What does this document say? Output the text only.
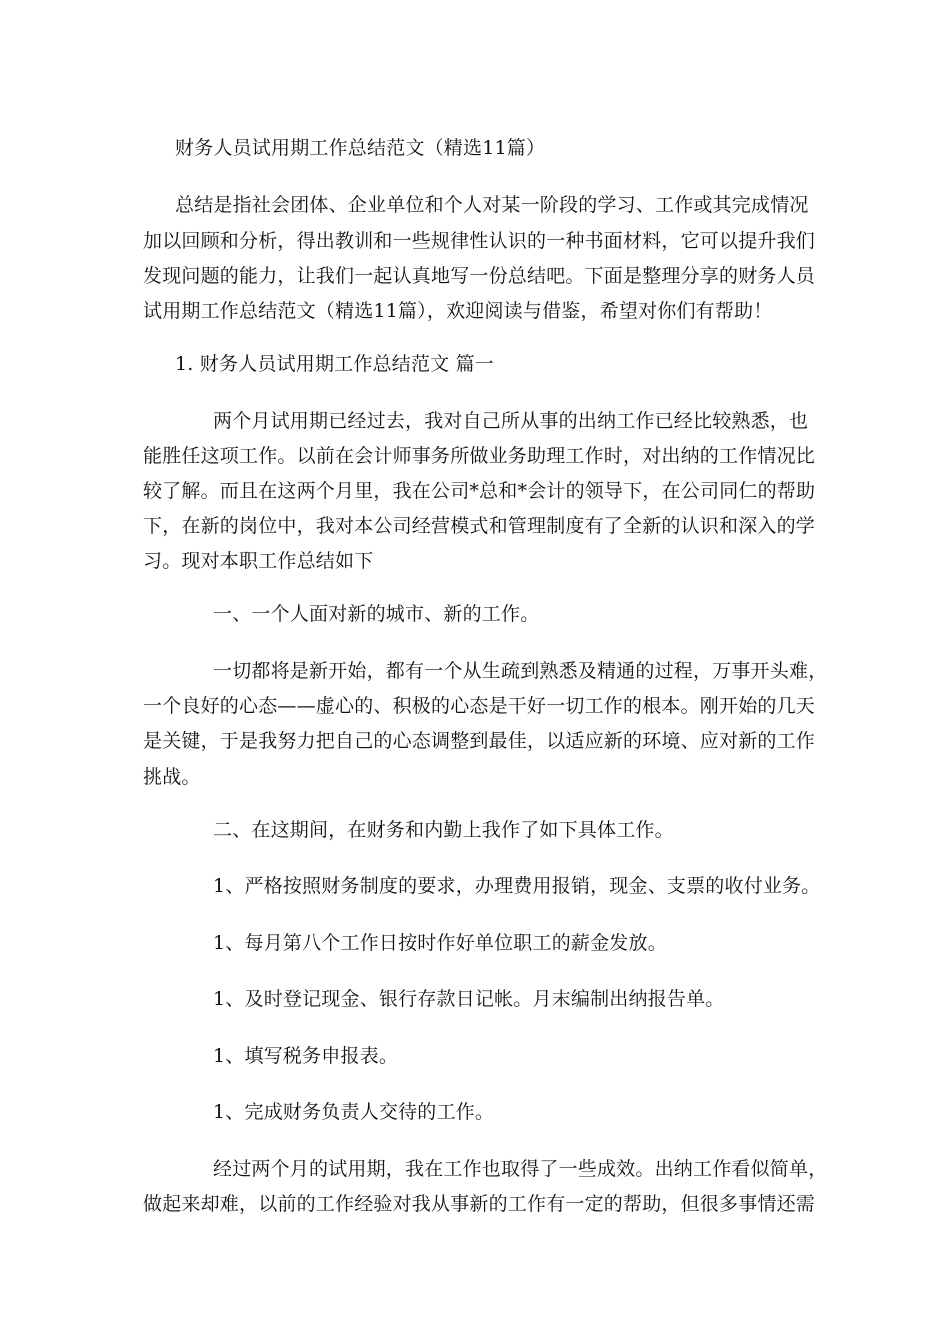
财务人员试用期工作总结范文（精选11篇）
总结是指社会团体、企业单位和个人对某一阶段的学习、工作或其完成情况
加以回顾和分析，得出教训和一些规律性认识的一种书面材料，它可以提升我们
发现问题的能力，让我们一起认真地写一份总结吧。下面是整理分享的财务人员
试用期工作总结范文（精选11篇），欢迎阅读与借鉴，希望对你们有帮助！
1. 财务人员试用期工作总结范文 篇一
两个月试用期已经过去，我对自己所从事的出纳工作已经比较熟悉，也
能胜任这项工作。以前在会计师事务所做业务助理工作时，对出纳的工作情况比
较了解。而且在这两个月里，我在公司*总和*会计的领导下，在公司同仁的帮助
下，在新的岗位中，我对本公司经营模式和管理制度有了全新的认识和深入的学
习。现对本职工作总结如下
一、一个人面对新的城市、新的工作。
一切都将是新开始，都有一个从生疏到熟悉及精通的过程，万事开头难，
一个良好的心态——虚心的、积极的心态是干好一切工作的根本。刚开始的几天
是关键，于是我努力把自己的心态调整到最佳，以适应新的环境、应对新的工作
挑战。
二、在这期间，在财务和内勤上我作了如下具体工作。
1、严格按照财务制度的要求，办理费用报销，现金、支票的收付业务。
1、每月第八个工作日按时作好单位职工的薪金发放。
1、及时登记现金、银行存款日记帐。月末编制出纳报告单。
1、填写税务申报表。
1、完成财务负责人交待的工作。
经过两个月的试用期，我在工作也取得了一些成效。出纳工作看似简单，
做起来却难，以前的工作经验对我从事新的工作有一定的帮助，但很多事情还需
